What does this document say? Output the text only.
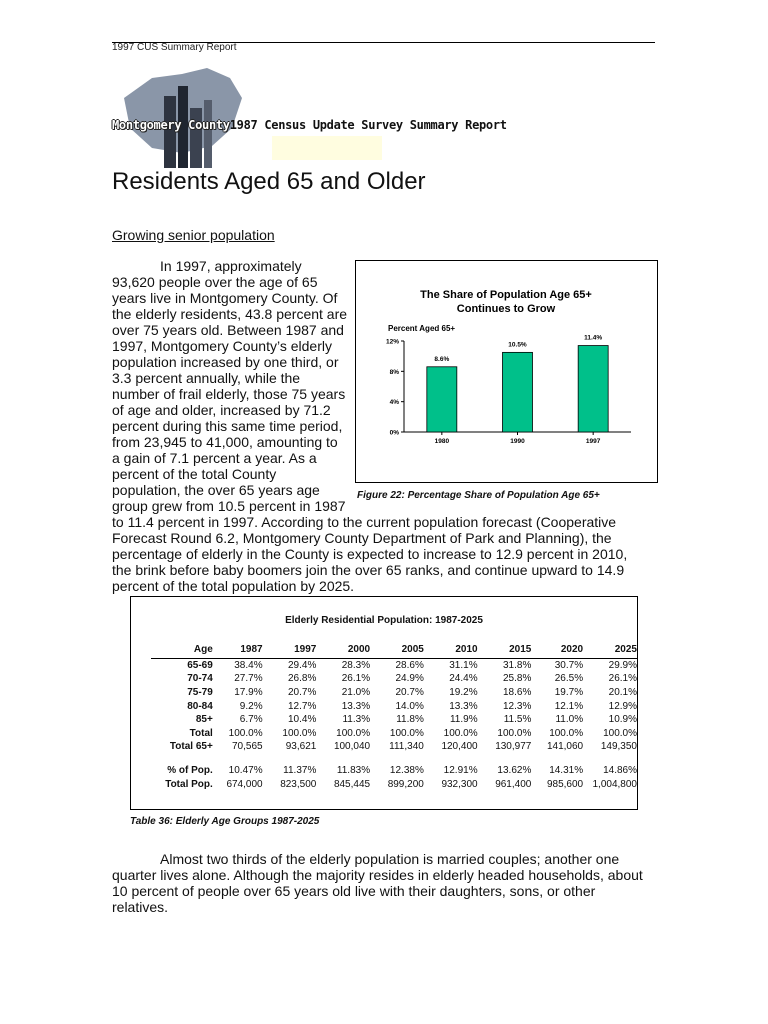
1997 CUS Summary Report
Montgomery County1987 Census Update Survey Summary Report
Residents Aged 65 and Older
Growing senior population

In 1997, approximately 93,620 people over the age of 65 years live in Montgomery County. Of the elderly residents, 43.8 percent are over 75 years old. Between 1987 and 1997, Montgomery County’s elderly population increased by one third, or 3.3 percent annually, while the number of frail elderly, those 75 years of age and older, increased by 71.2 percent during this same time period, from 23,945 to 41,000, amounting to a gain of 7.1 percent a year. As a percent of the total County population, the over 65 years age group grew from 10.5 percent in 1987

to 11.4 percent in 1997. According to the current population forecast (Cooperative Forecast Round 6.2, Montgomery County Department of Park and Planning), the percentage of elderly in the County is expected to increase to 12.9 percent in 2010, the brink before baby boomers join the over 65 ranks, and continue upward to 14.9 percent of the total population by 2025.

The Share of Population Age 65+
Continues to Grow
Percent Aged 65+
0%
4%
8%
12%
8.6%
1980
10.5%
1990
11.4%
1997
Figure 22: Percentage Share of Population Age 65+
Elderly Residential Population: 1987-2025
Age	1987	1997	2000	2005	2010	2015	2020	2025
65-69	38.4%	29.4%	28.3%	28.6%	31.1%	31.8%	30.7%	29.9%
70-74	27.7%	26.8%	26.1%	24.9%	24.4%	25.8%	26.5%	26.1%
75-79	17.9%	20.7%	21.0%	20.7%	19.2%	18.6%	19.7%	20.1%
80-84	9.2%	12.7%	13.3%	14.0%	13.3%	12.3%	12.1%	12.9%
85+	6.7%	10.4%	11.3%	11.8%	11.9%	11.5%	11.0%	10.9%
Total	100.0%	100.0%	100.0%	100.0%	100.0%	100.0%	100.0%	100.0%
Total 65+	70,565	93,621	100,040	111,340	120,400	130,977	141,060	149,350

% of Pop.	10.47%	11.37%	11.83%	12.38%	12.91%	13.62%	14.31%	14.86%
Total Pop.	674,000	823,500	845,445	899,200	932,300	961,400	985,600	1,004,800
Table 36: Elderly Age Groups 1987-2025

Almost two thirds of the elderly population is married couples; another one quarter lives alone. Although the majority resides in elderly headed households, about 10 percent of people over 65 years old live with their daughters, sons, or other relatives.
